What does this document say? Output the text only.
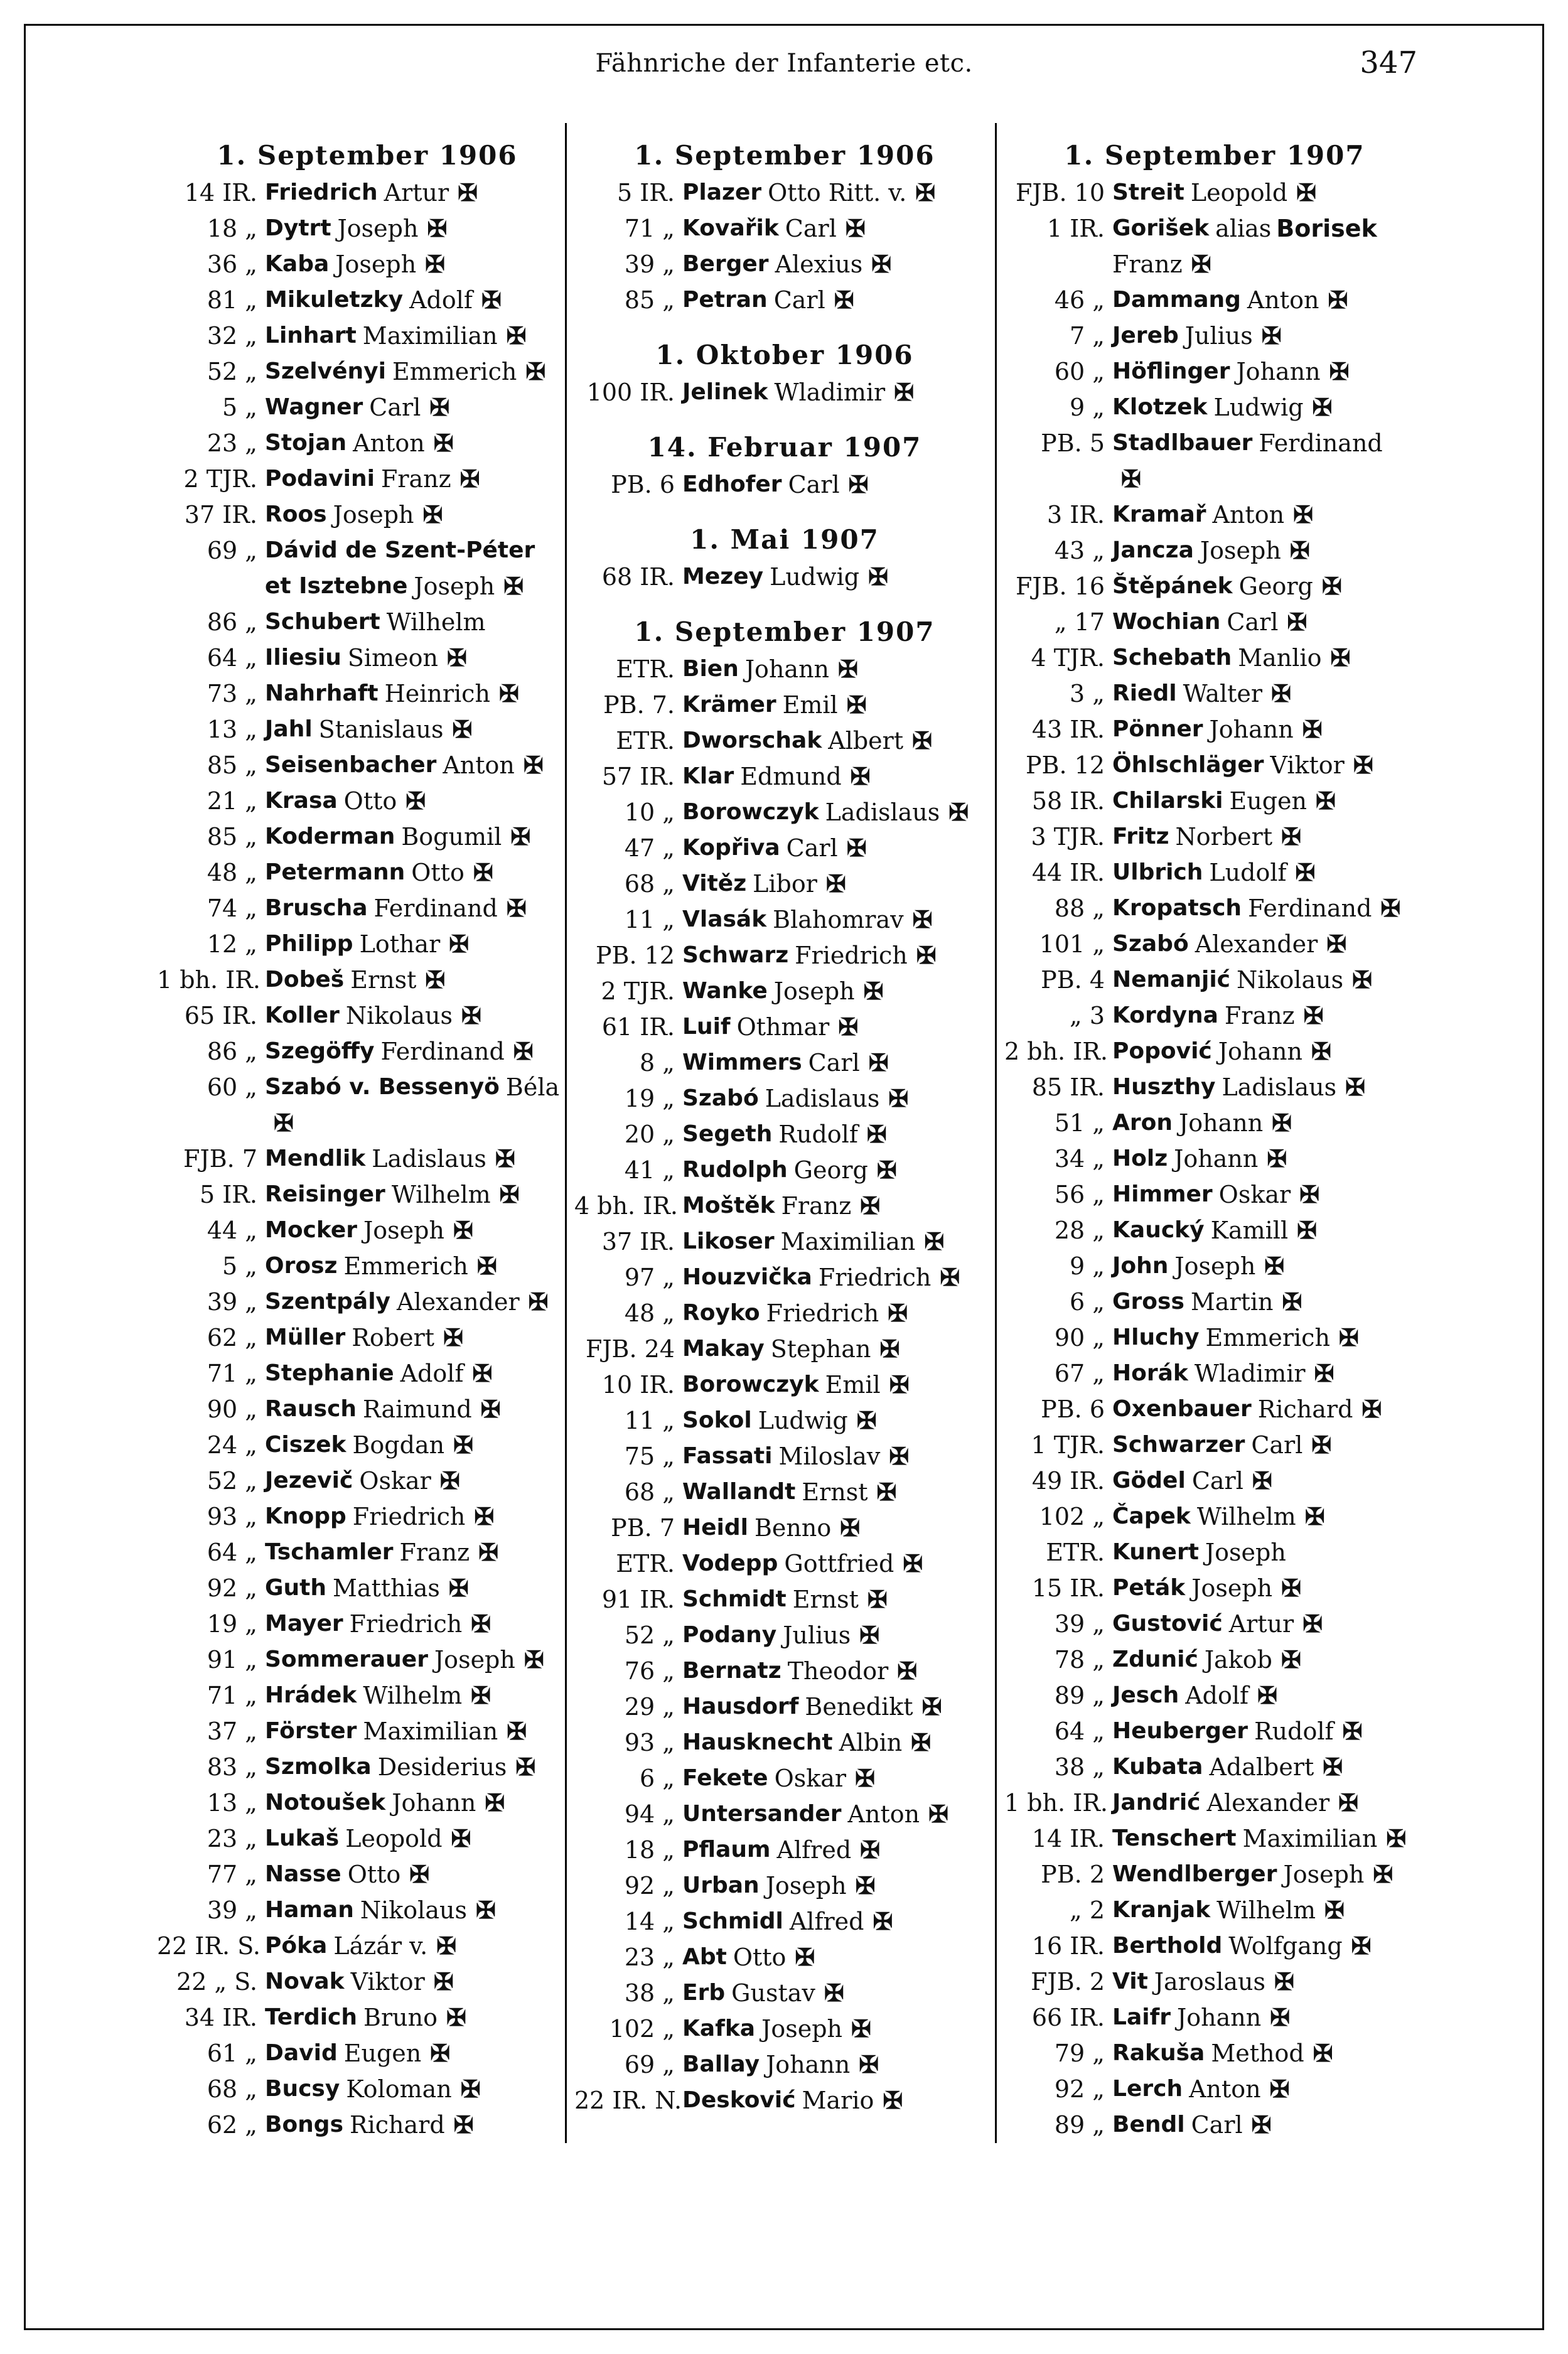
Fähnriche der Infanterie etc.	347
1. September 1906
14 IR. Friedrich Artur ✠
18 „ Dytrt Joseph ✠
36 „ Kaba Joseph ✠
81 „ Mikuletzky Adolf ✠
32 „ Linhart Maximilian ✠
52 „ Szelvényi Emmerich ✠
5 „ Wagner Carl ✠
23 „ Stojan Anton ✠
2 TJR. Podavini Franz ✠
37 IR. Roos Joseph ✠
69 „ Dávid de Szent-Péter
et Isztebne Joseph ✠
86 „ Schubert Wilhelm
64 „ Iliesiu Simeon ✠
73 „ Nahrhaft Heinrich ✠
13 „ Jahl Stanislaus ✠
85 „ Seisenbacher Anton ✠
21 „ Krasa Otto ✠
85 „ Koderman Bogumil ✠
48 „ Petermann Otto ✠
74 „ Bruscha Ferdinand ✠
12 „ Philipp Lothar ✠
1 bh. IR. Dobeš Ernst ✠
65 IR. Koller Nikolaus ✠
86 „ Szegöffy Ferdinand ✠
60 „ Szabó v. Bessenyö Béla
✠
FJB. 7 Mendlik Ladislaus ✠
5 IR. Reisinger Wilhelm ✠
44 „ Mocker Joseph ✠
5 „ Orosz Emmerich ✠
39 „ Szentpály Alexander ✠
62 „ Müller Robert ✠
71 „ Stephanie Adolf ✠
90 „ Rausch Raimund ✠
24 „ Ciszek Bogdan ✠
52 „ Jezevič Oskar ✠
93 „ Knopp Friedrich ✠
64 „ Tschamler Franz ✠
92 „ Guth Matthias ✠
19 „ Mayer Friedrich ✠
91 „ Sommerauer Joseph ✠
71 „ Hrádek Wilhelm ✠
37 „ Förster Maximilian ✠
83 „ Szmolka Desiderius ✠
13 „ Notoušek Johann ✠
23 „ Lukaš Leopold ✠
77 „ Nasse Otto ✠
39 „ Haman Nikolaus ✠
22 IR. S. Póka Lázár v. ✠
22 „ S. Novak Viktor ✠
34 IR. Terdich Bruno ✠
61 „ David Eugen ✠
68 „ Bucsy Koloman ✠
62 „ Bongs Richard ✠
1. September 1906
5 IR. Plazer Otto Ritt. v. ✠
71 „ Kovařik Carl ✠
39 „ Berger Alexius ✠
85 „ Petran Carl ✠
1. Oktober 1906
100 IR. Jelinek Wladimir ✠
14. Februar 1907
PB. 6 Edhofer Carl ✠
1. Mai 1907
68 IR. Mezey Ludwig ✠
1. September 1907
ETR. Bien Johann ✠
PB. 7. Krämer Emil ✠
ETR. Dworschak Albert ✠
57 IR. Klar Edmund ✠
10 „ Borowczyk Ladislaus ✠
47 „ Kopřiva Carl ✠
68 „ Vitěz Libor ✠
11 „ Vlasák Blahomrav ✠
PB. 12 Schwarz Friedrich ✠
2 TJR. Wanke Joseph ✠
61 IR. Luif Othmar ✠
8 „ Wimmers Carl ✠
19 „ Szabó Ladislaus ✠
20 „ Segeth Rudolf ✠
41 „ Rudolph Georg ✠
4 bh. IR. Moštěk Franz ✠
37 IR. Likoser Maximilian ✠
97 „ Houzvička Friedrich ✠
48 „ Royko Friedrich ✠
FJB. 24 Makay Stephan ✠
10 IR. Borowczyk Emil ✠
11 „ Sokol Ludwig ✠
75 „ Fassati Miloslav ✠
68 „ Wallandt Ernst ✠
PB. 7 Heidl Benno ✠
ETR. Vodepp Gottfried ✠
91 IR. Schmidt Ernst ✠
52 „ Podany Julius ✠
76 „ Bernatz Theodor ✠
29 „ Hausdorf Benedikt ✠
93 „ Hausknecht Albin ✠
6 „ Fekete Oskar ✠
94 „ Untersander Anton ✠
18 „ Pflaum Alfred ✠
92 „ Urban Joseph ✠
14 „ Schmidl Alfred ✠
23 „ Abt Otto ✠
38 „ Erb Gustav ✠
102 „ Kafka Joseph ✠
69 „ Ballay Johann ✠
22 IR. N. Desković Mario ✠
1. September 1907
FJB. 10 Streit Leopold ✠
1 IR. Gorišek alias Borisek
Franz ✠
46 „ Dammang Anton ✠
7 „ Jereb Julius ✠
60 „ Höflinger Johann ✠
9 „ Klotzek Ludwig ✠
PB. 5 Stadlbauer Ferdinand
✠
3 IR. Kramař Anton ✠
43 „ Jancza Joseph ✠
FJB. 16 Štěpánek Georg ✠
„ 17 Wochian Carl ✠
4 TJR. Schebath Manlio ✠
3 „ Riedl Walter ✠
43 IR. Pönner Johann ✠
PB. 12 Öhlschläger Viktor ✠
58 IR. Chilarski Eugen ✠
3 TJR. Fritz Norbert ✠
44 IR. Ulbrich Ludolf ✠
88 „ Kropatsch Ferdinand ✠
101 „ Szabó Alexander ✠
PB. 4 Nemanjić Nikolaus ✠
„ 3 Kordyna Franz ✠
2 bh. IR. Popović Johann ✠
85 IR. Huszthy Ladislaus ✠
51 „ Aron Johann ✠
34 „ Holz Johann ✠
56 „ Himmer Oskar ✠
28 „ Kaucký Kamill ✠
9 „ John Joseph ✠
6 „ Gross Martin ✠
90 „ Hluchy Emmerich ✠
67 „ Horák Wladimir ✠
PB. 6 Oxenbauer Richard ✠
1 TJR. Schwarzer Carl ✠
49 IR. Gödel Carl ✠
102 „ Čapek Wilhelm ✠
ETR. Kunert Joseph
15 IR. Peták Joseph ✠
39 „ Gustović Artur ✠
78 „ Zdunić Jakob ✠
89 „ Jesch Adolf ✠
64 „ Heuberger Rudolf ✠
38 „ Kubata Adalbert ✠
1 bh. IR. Jandrić Alexander ✠
14 IR. Tenschert Maximilian ✠
PB. 2 Wendlberger Joseph ✠
„ 2 Kranjak Wilhelm ✠
16 IR. Berthold Wolfgang ✠
FJB. 2 Vit Jaroslaus ✠
66 IR. Laifr Johann ✠
79 „ Rakuša Method ✠
92 „ Lerch Anton ✠
89 „ Bendl Carl ✠
